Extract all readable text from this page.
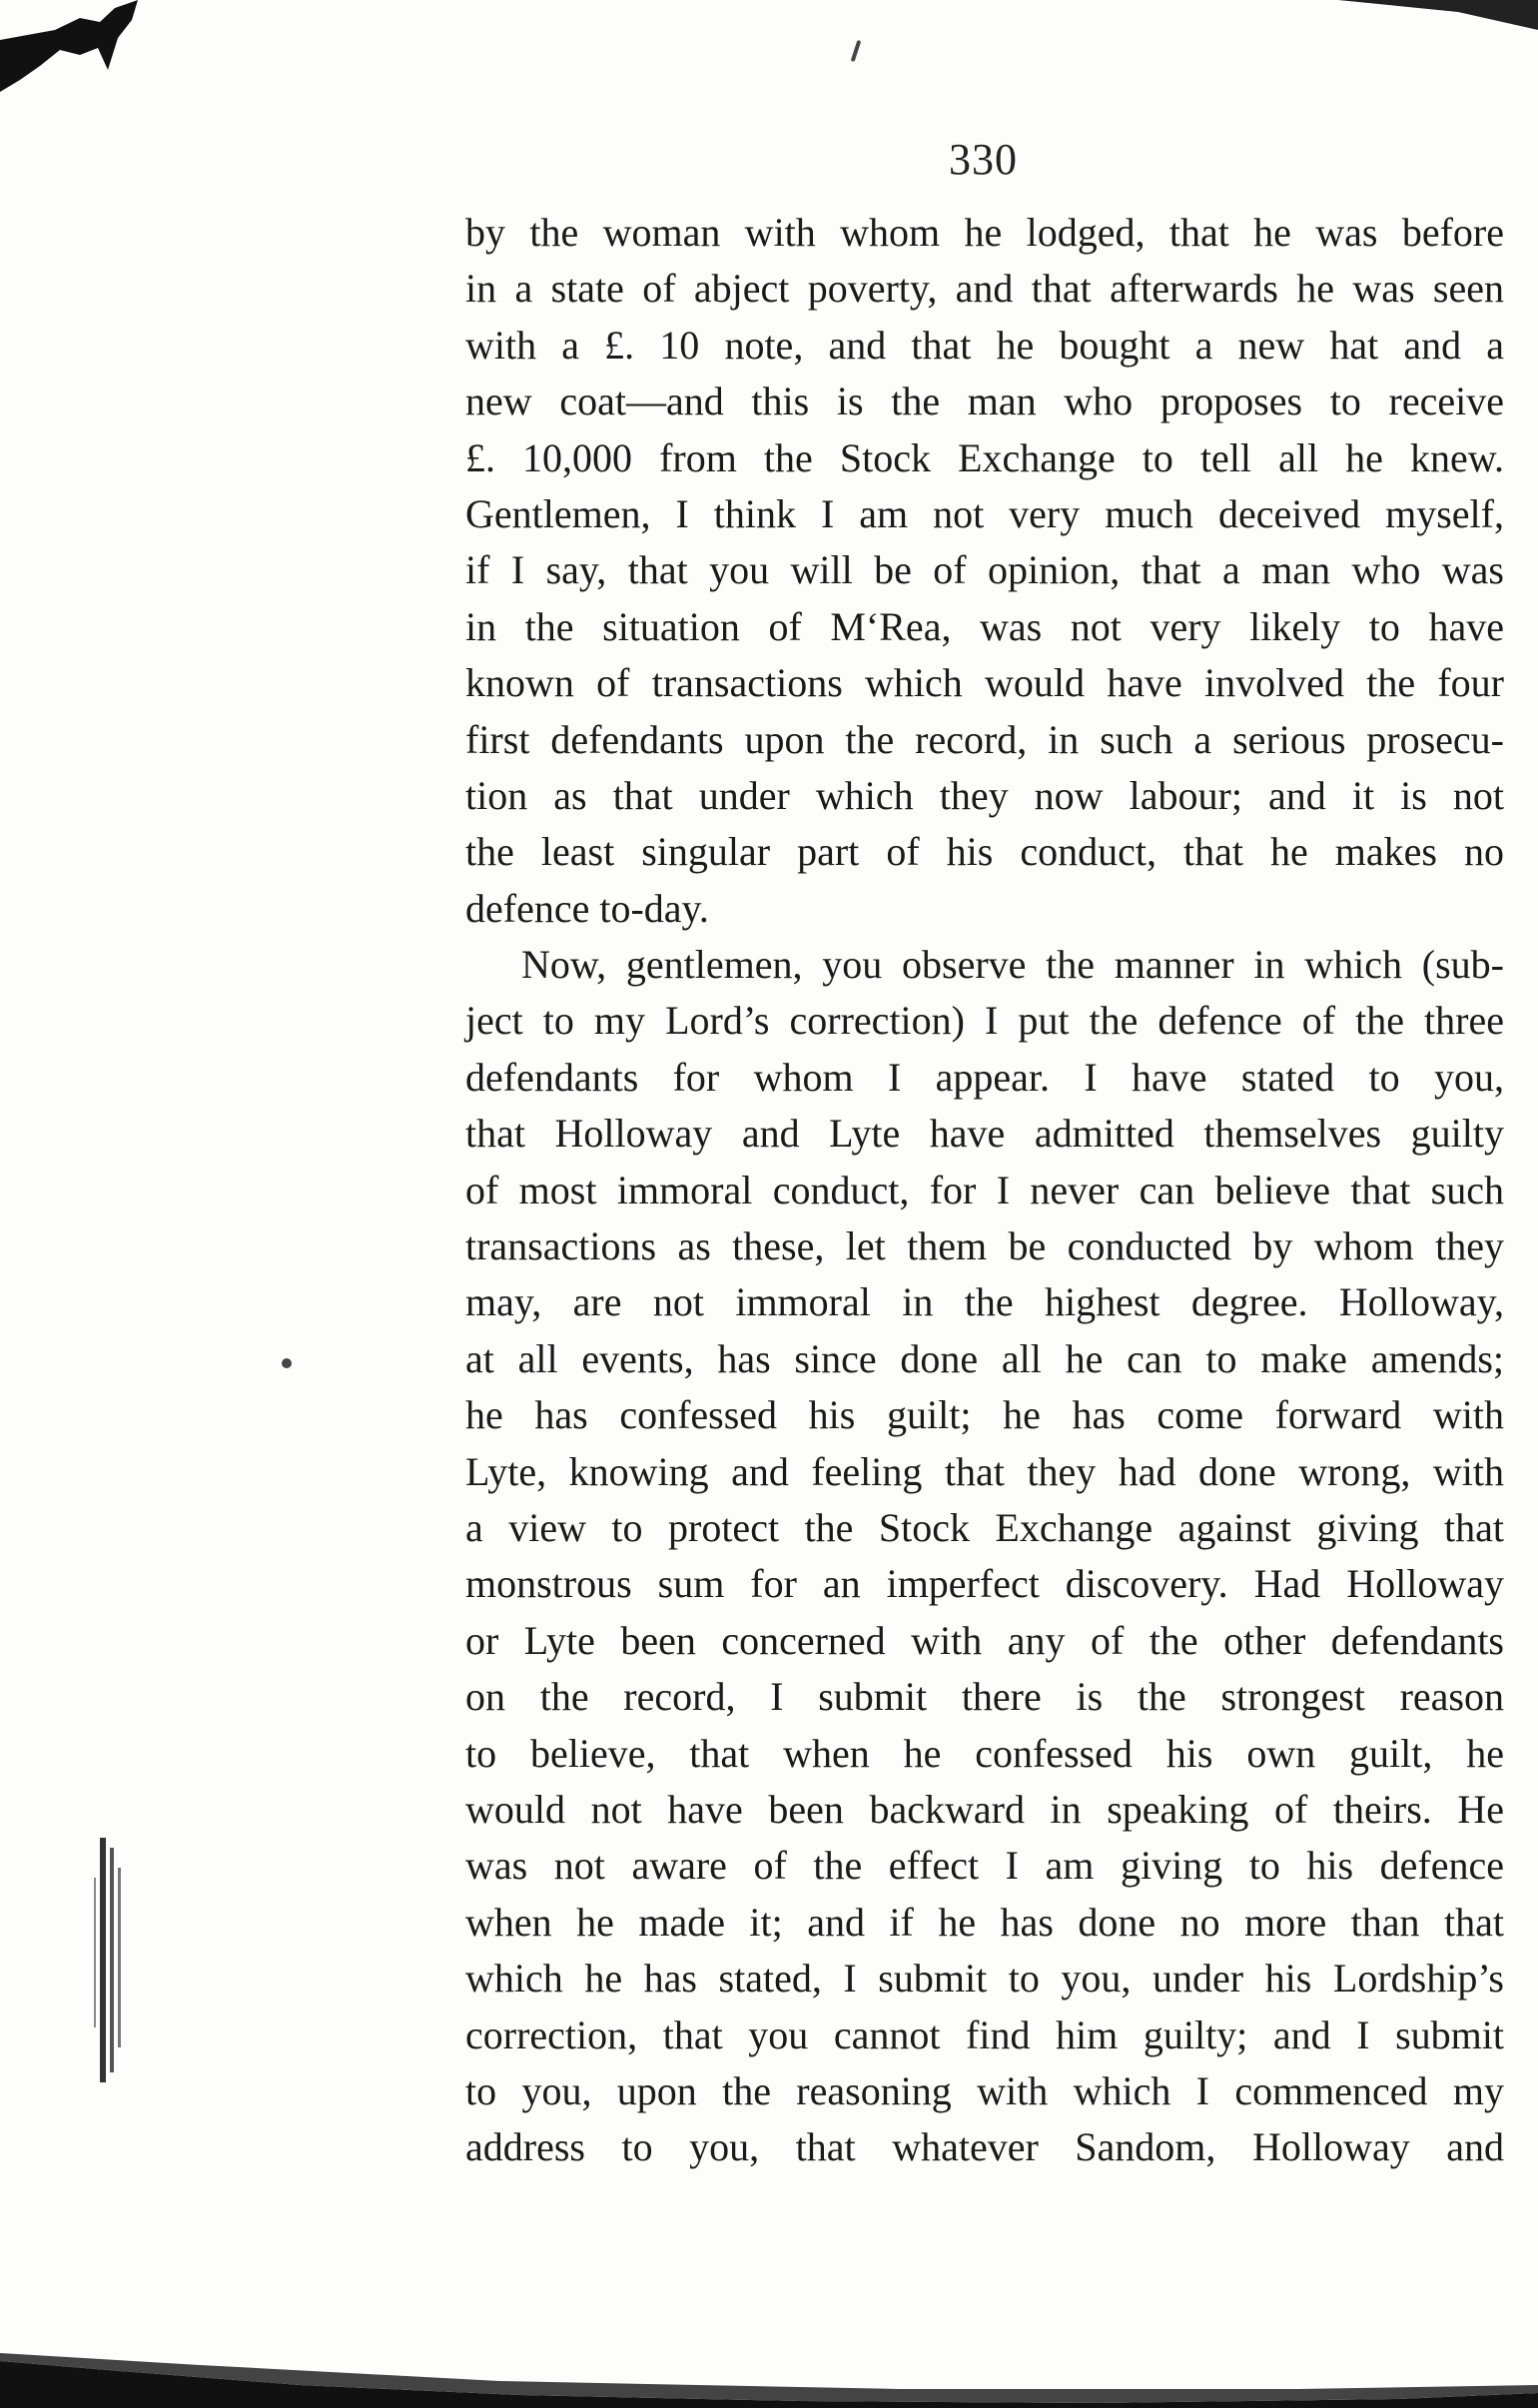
330
by the woman with whom he lodged, that he was before
in a state of abject poverty, and that afterwards he was seen
with a £. 10 note, and that he bought a new hat and a
new coat—and this is the man who proposes to receive
£. 10,000 from the Stock Exchange to tell all he knew.
Gentlemen, I think I am not very much deceived myself,
if I say, that you will be of opinion, that a man who was
in the situation of M‘Rea, was not very likely to have
known of transactions which would have involved the four
first defendants upon the record, in such a serious prosecu-
tion as that under which they now labour; and it is not
the least singular part of his conduct, that he makes no
defence to-day.
Now, gentlemen, you observe the manner in which (sub-
ject to my Lord’s correction) I put the defence of the three
defendants for whom I appear. I have stated to you,
that Holloway and Lyte have admitted themselves guilty
of most immoral conduct, for I never can believe that such
transactions as these, let them be conducted by whom they
may, are not immoral in the highest degree. Holloway,
at all events, has since done all he can to make amends;
he has confessed his guilt; he has come forward with
Lyte, knowing and feeling that they had done wrong, with
a view to protect the Stock Exchange against giving that
monstrous sum for an imperfect discovery. Had Holloway
or Lyte been concerned with any of the other defendants
on the record, I submit there is the strongest reason
to believe, that when he confessed his own guilt, he
would not have been backward in speaking of theirs. He
was not aware of the effect I am giving to his defence
when he made it; and if he has done no more than that
which he has stated, I submit to you, under his Lordship’s
correction, that you cannot find him guilty; and I submit
to you, upon the reasoning with which I commenced my
address to you, that whatever Sandom, Holloway and
